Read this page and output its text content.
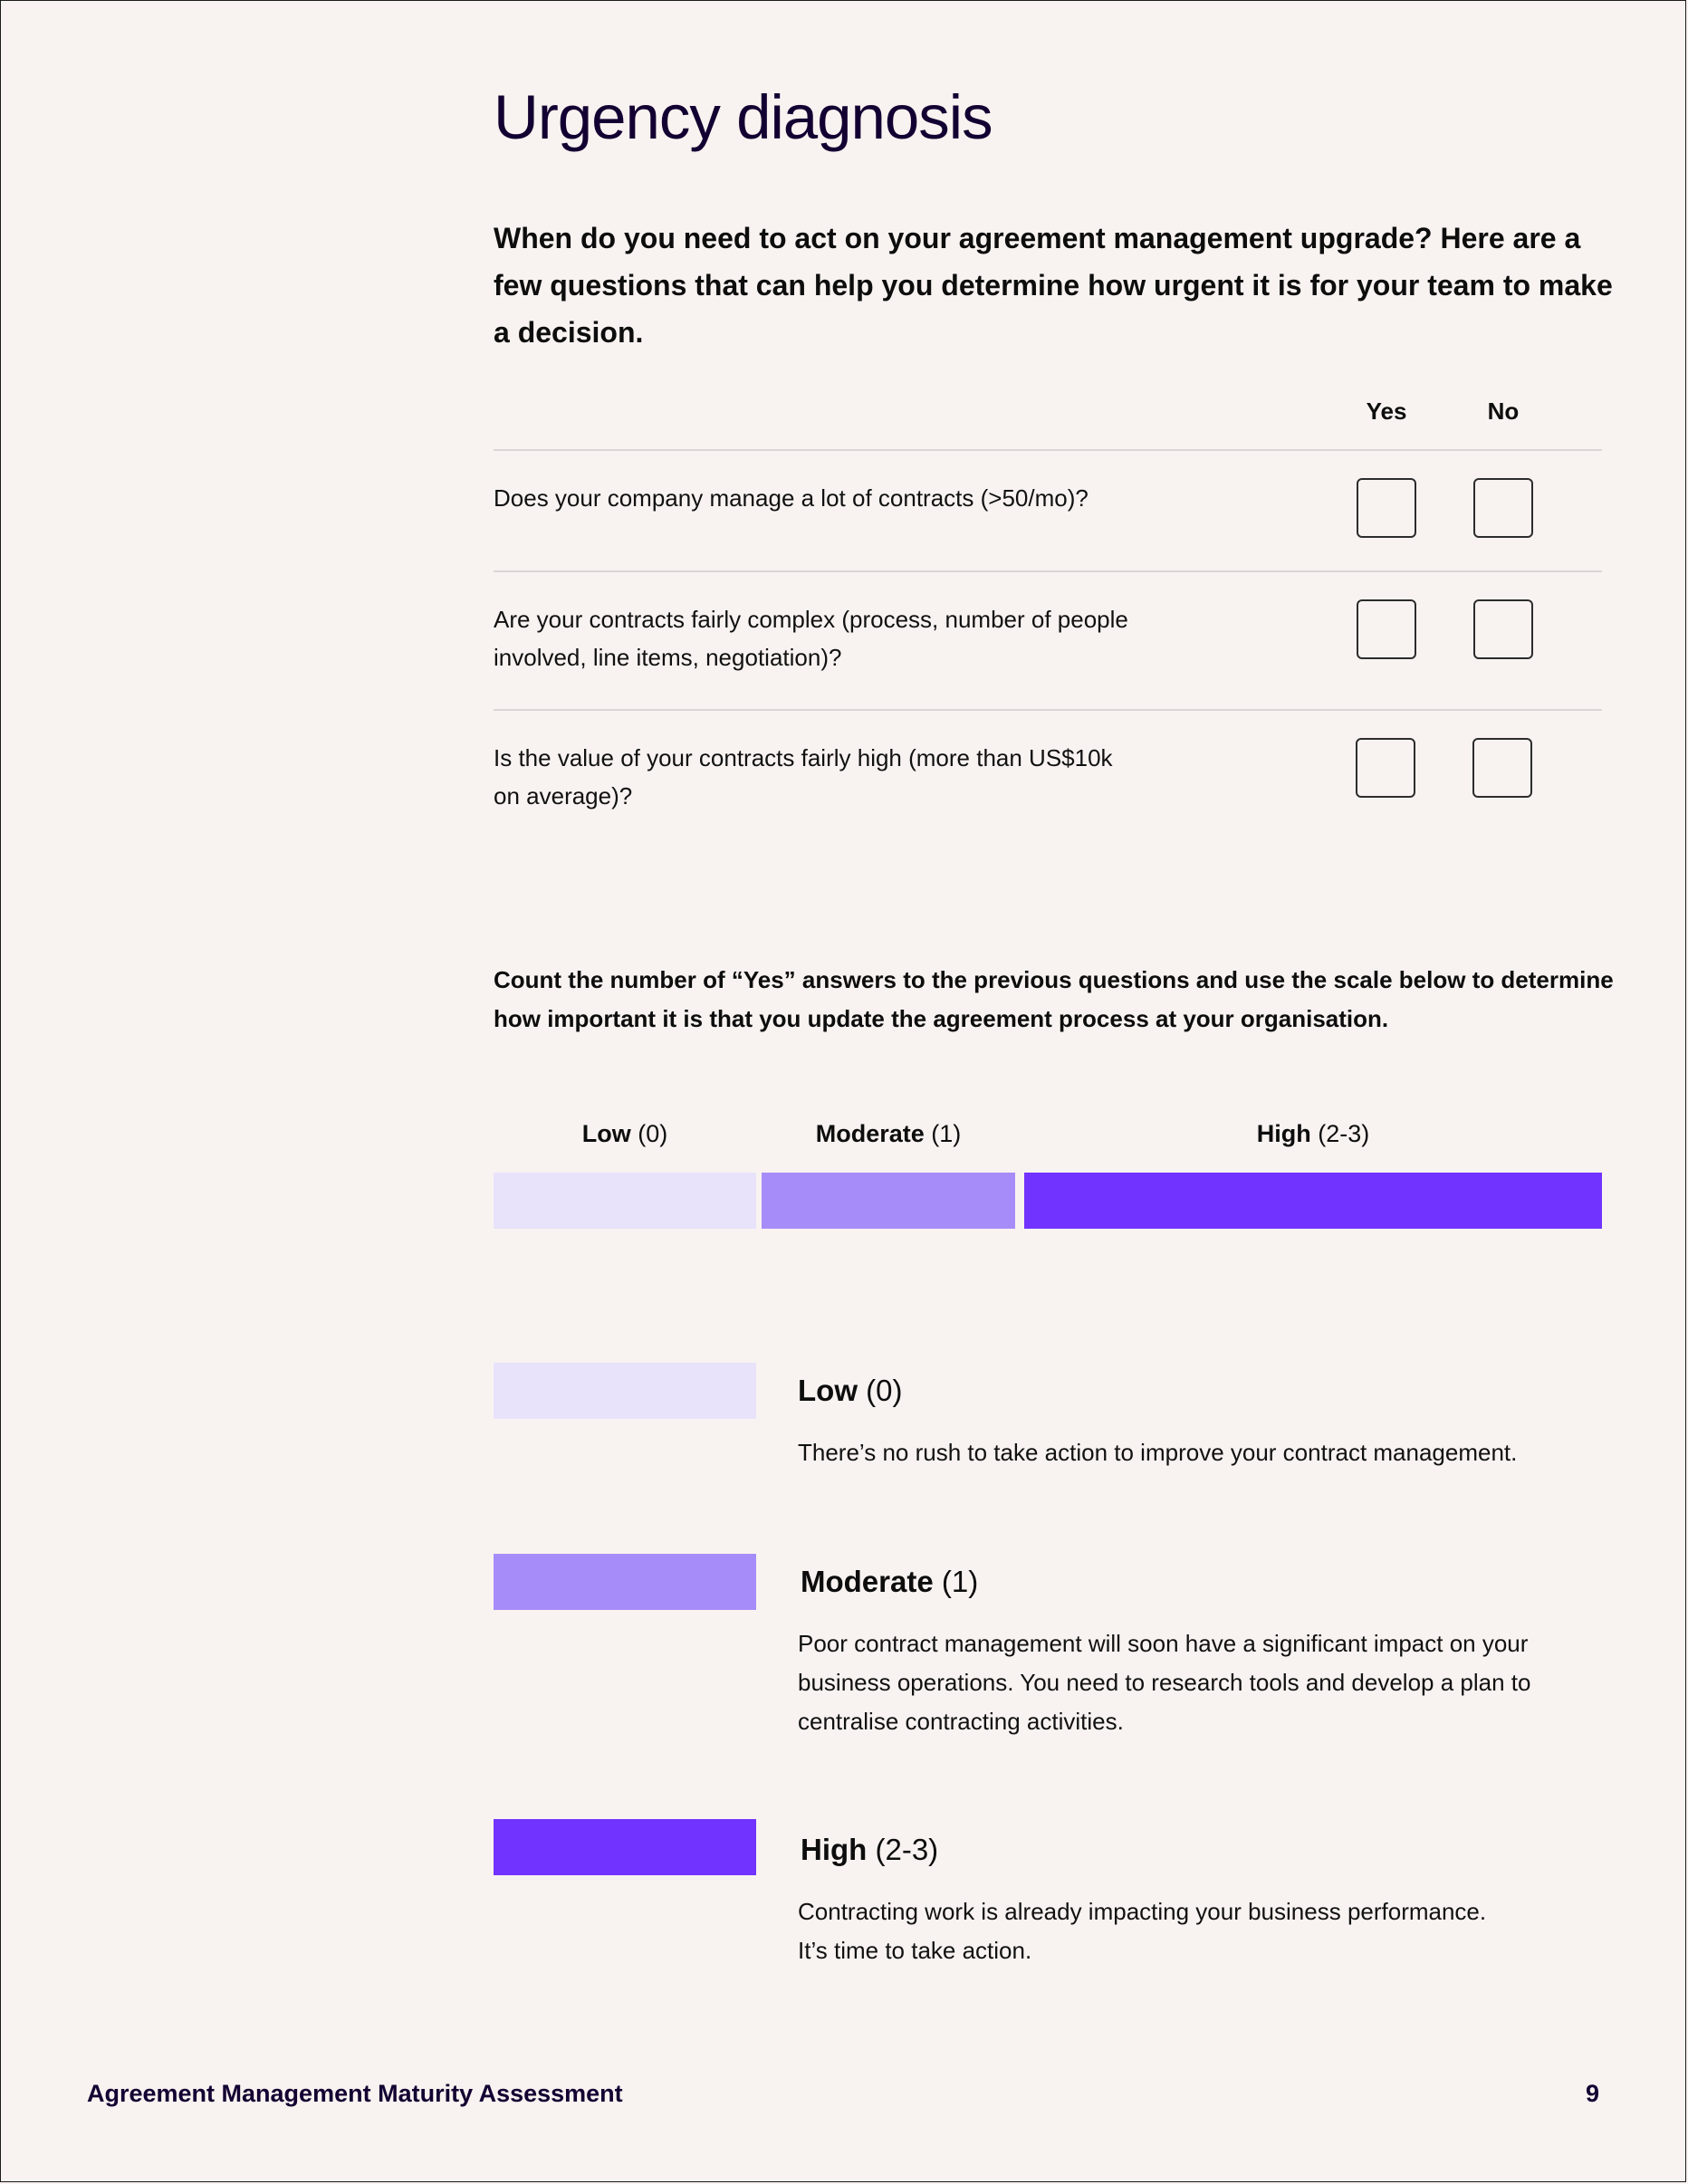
Urgency diagnosis

When do you need to act on your agreement management upgrade? Here are a few questions that can help you determine how urgent it is for your team to make a decision.

Yes	No
Does your company manage a lot of contracts (>50/mo)?
Are your contracts fairly complex (process, number of people
involved, line items, negotiation)?
Is the value of your contracts fairly high (more than US$10k
on average)?

Count the number of “Yes” answers to the previous questions and use the scale below to determine how important it is that you update the agreement process at your organisation.

Low (0)	Moderate (1)	High (2-3)
Low (0)

There’s no rush to take action to improve your contract management.

Moderate (1)

Poor contract management will soon have a significant impact on your

business operations. You need to research tools and develop a plan to

centralise contracting activities.

High (2-3)

Contracting work is already impacting your business performance.

It’s time to take action.

Agreement Management Maturity Assessment	9
